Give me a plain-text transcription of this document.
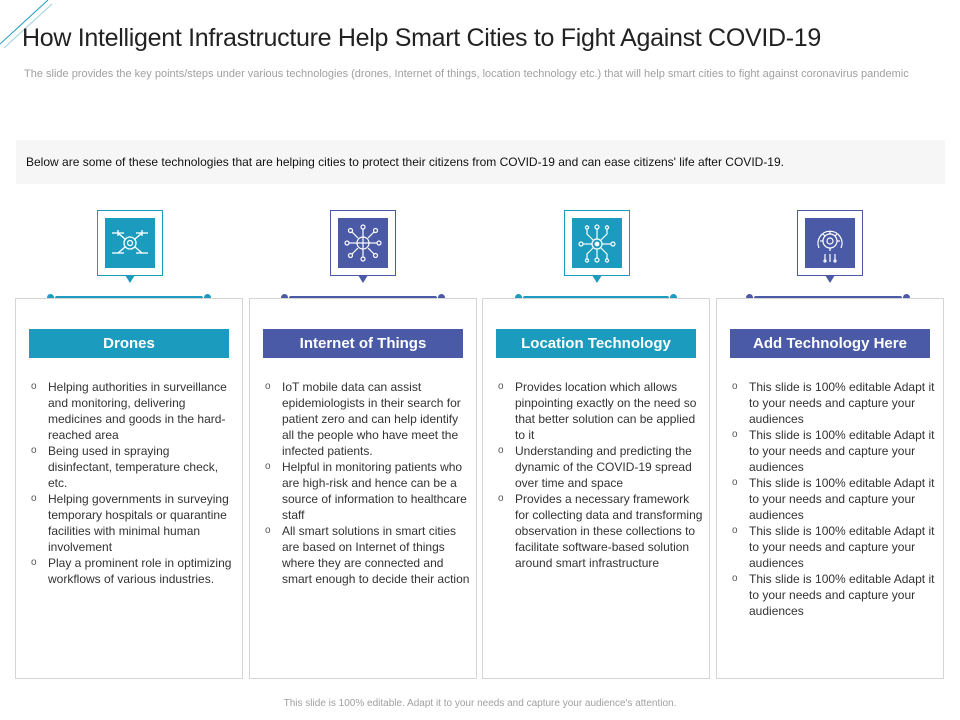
How Intelligent Infrastructure Help Smart Cities to Fight Against COVID-19
The slide provides the key points/steps under various technologies (drones, Internet of things, location technology etc.) that will help smart cities to fight against coronavirus pandemic
Below are some of these technologies that are helping cities to protect their citizens from COVID-19 and can ease citizens' life after COVID-19.
Drones
o Helping authorities in surveillance and monitoring, delivering medicines and goods in the hard-reached area
o Being used in spraying disinfectant, temperature check, etc.
o Helping governments in surveying temporary hospitals or quarantine facilities with minimal human involvement
o Play a prominent role in optimizing workflows of various industries.
Internet of Things
o IoT mobile data can assist epidemiologists in their search for patient zero and can help identify all the people who have meet the infected patients.
o Helpful in monitoring patients who are high-risk and hence can be a source of information to healthcare staff
o All smart solutions in smart cities are based on Internet of things where they are connected and smart enough to decide their action
Location Technology
o Provides location which allows pinpointing exactly on the need so that better solution can be applied to it
o Understanding and predicting the dynamic of the COVID-19 spread over time and space
o Provides a necessary framework for collecting data and transforming observation in these collections to facilitate software-based solution around smart infrastructure
Add Technology Here
o This slide is 100% editable Adapt it to your needs and capture your audiences
o This slide is 100% editable Adapt it to your needs and capture your audiences
o This slide is 100% editable Adapt it to your needs and capture your audiences
o This slide is 100% editable Adapt it to your needs and capture your audiences
o This slide is 100% editable Adapt it to your needs and capture your audiences
This slide is 100% editable. Adapt it to your needs and capture your audience's attention.
